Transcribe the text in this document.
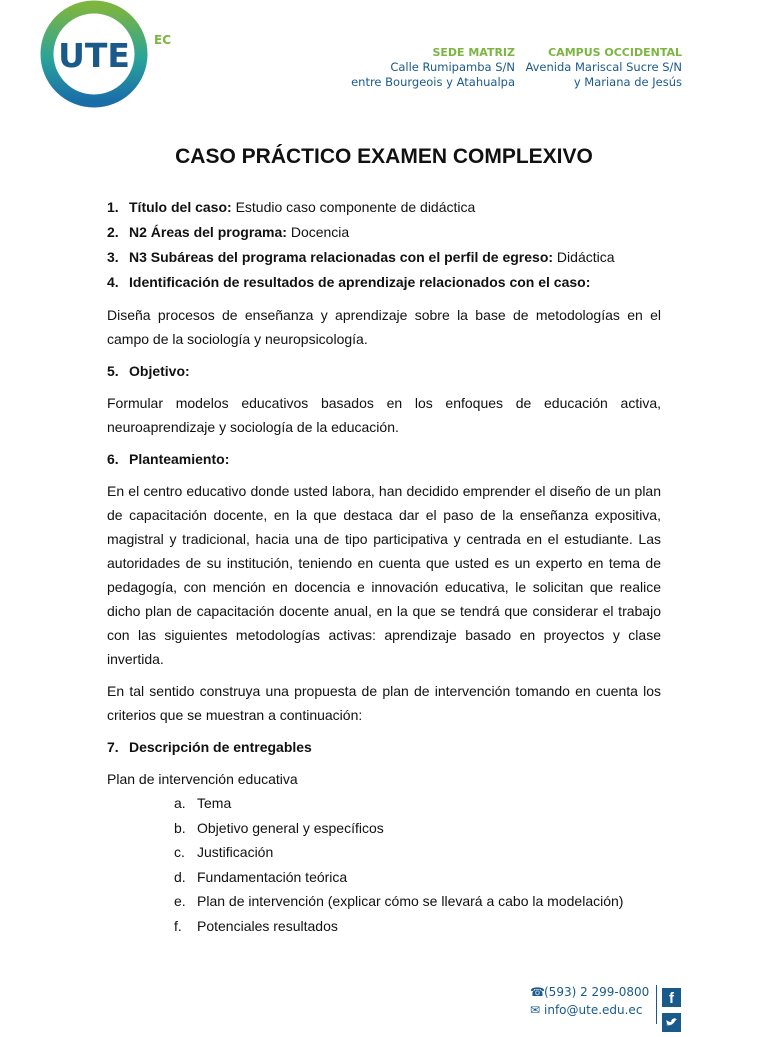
UTE EC
SEDE MATRIZ
Calle Rumipamba S/N
entre Bourgeois y Atahualpa
CAMPUS OCCIDENTAL
Avenida Mariscal Sucre S/N
y Mariana de Jesús
CASO PRÁCTICO EXAMEN COMPLEXIVO
1. Título del caso: Estudio caso componente de didáctica
2. N2 Áreas del programa: Docencia
3. N3 Subáreas del programa relacionadas con el perfil de egreso: Didáctica
4. Identificación de resultados de aprendizaje relacionados con el caso:

Diseña procesos de enseñanza y aprendizaje sobre la base de metodologías en el campo de la sociología y neuropsicología.

5. Objetivo:

Formular modelos educativos basados en los enfoques de educación activa, neuroaprendizaje y sociología de la educación.

6. Planteamiento:

En el centro educativo donde usted labora, han decidido emprender el diseño de un plan de capacitación docente, en la que destaca dar el paso de la enseñanza expositiva, magistral y tradicional, hacia una de tipo participativa y centrada en el estudiante. Las autoridades de su institución, teniendo en cuenta que usted es un experto en tema de pedagogía, con mención en docencia e innovación educativa, le solicitan que realice dicho plan de capacitación docente anual, en la que se tendrá que considerar el trabajo con las siguientes metodologías activas: aprendizaje basado en proyectos y clase invertida.

En tal sentido construya una propuesta de plan de intervención tomando en cuenta los criterios que se muestran a continuación:

7. Descripción de entregables

Plan de intervención educativa

a. Tema
b. Objetivo general y específicos
c. Justificación
d. Fundamentación teórica
e. Plan de intervención (explicar cómo se llevará a cabo la modelación)
f. Potenciales resultados
☎(593) 2 299-0800
✉ info@ute.edu.ec
f
